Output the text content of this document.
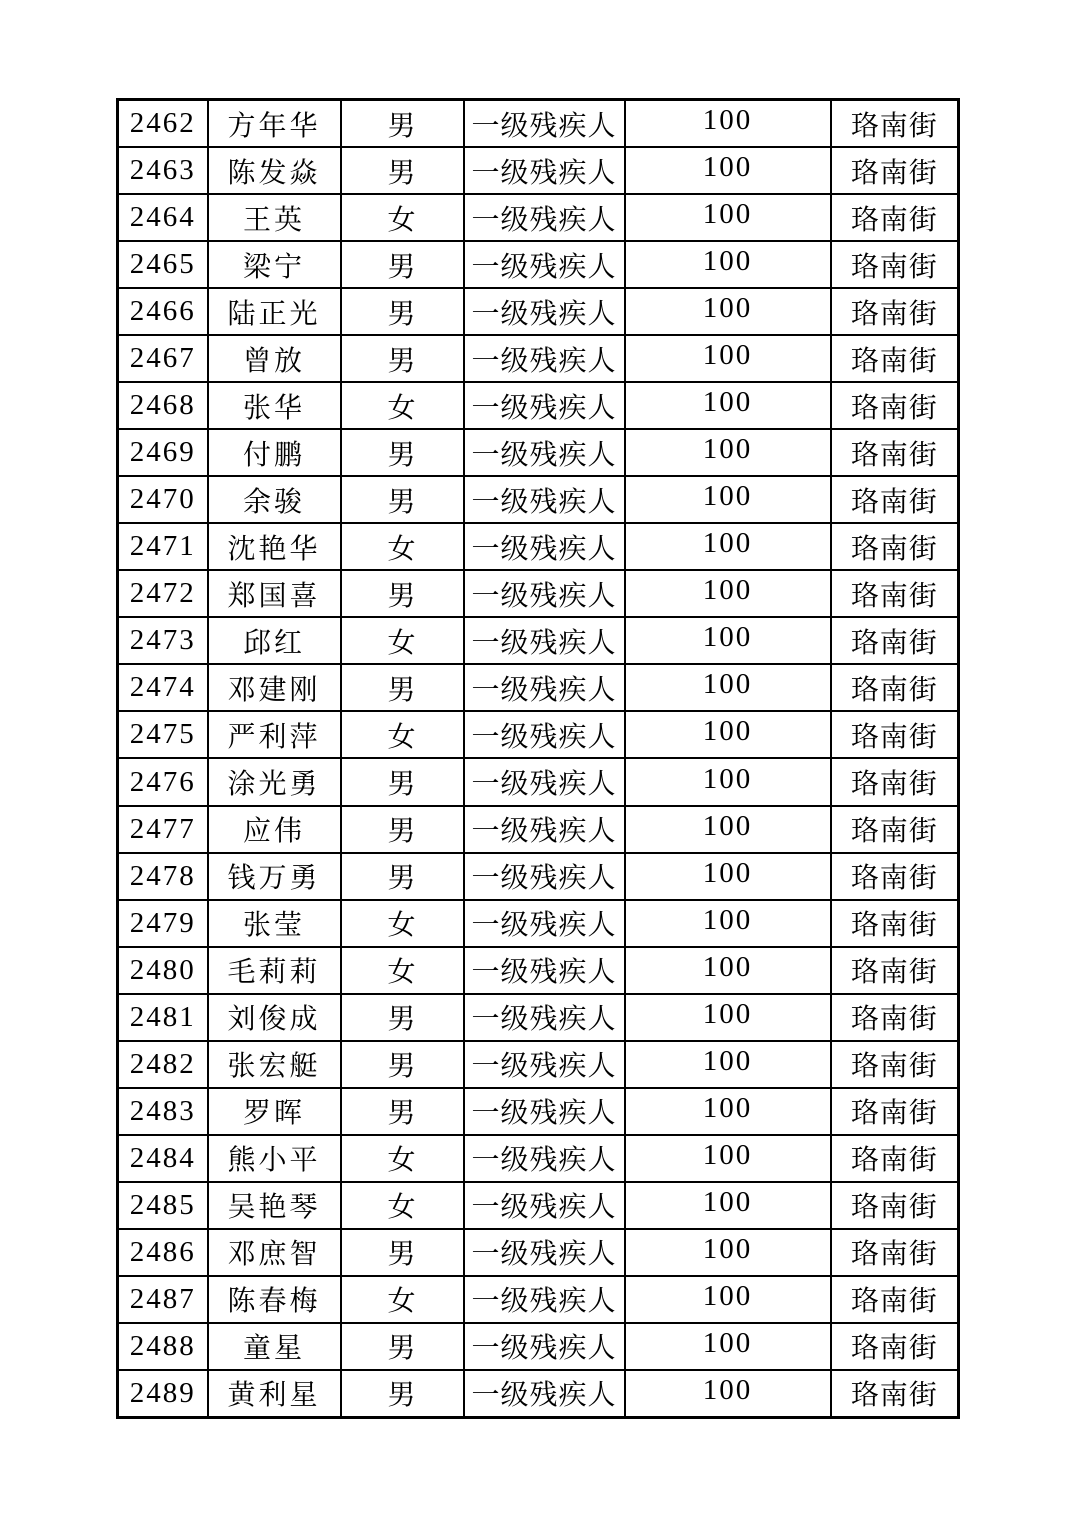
2462	方年华	男	一级残疾人	100	珞南街
2463	陈发焱	男	一级残疾人	100	珞南街
2464	王英	女	一级残疾人	100	珞南街
2465	梁宁	男	一级残疾人	100	珞南街
2466	陆正光	男	一级残疾人	100	珞南街
2467	曾放	男	一级残疾人	100	珞南街
2468	张华	女	一级残疾人	100	珞南街
2469	付鹏	男	一级残疾人	100	珞南街
2470	余骏	男	一级残疾人	100	珞南街
2471	沈艳华	女	一级残疾人	100	珞南街
2472	郑国喜	男	一级残疾人	100	珞南街
2473	邱红	女	一级残疾人	100	珞南街
2474	邓建刚	男	一级残疾人	100	珞南街
2475	严利萍	女	一级残疾人	100	珞南街
2476	涂光勇	男	一级残疾人	100	珞南街
2477	应伟	男	一级残疾人	100	珞南街
2478	钱万勇	男	一级残疾人	100	珞南街
2479	张莹	女	一级残疾人	100	珞南街
2480	毛莉莉	女	一级残疾人	100	珞南街
2481	刘俊成	男	一级残疾人	100	珞南街
2482	张宏艇	男	一级残疾人	100	珞南街
2483	罗晖	男	一级残疾人	100	珞南街
2484	熊小平	女	一级残疾人	100	珞南街
2485	吴艳琴	女	一级残疾人	100	珞南街
2486	邓庶智	男	一级残疾人	100	珞南街
2487	陈春梅	女	一级残疾人	100	珞南街
2488	童星	男	一级残疾人	100	珞南街
2489	黄利星	男	一级残疾人	100	珞南街
